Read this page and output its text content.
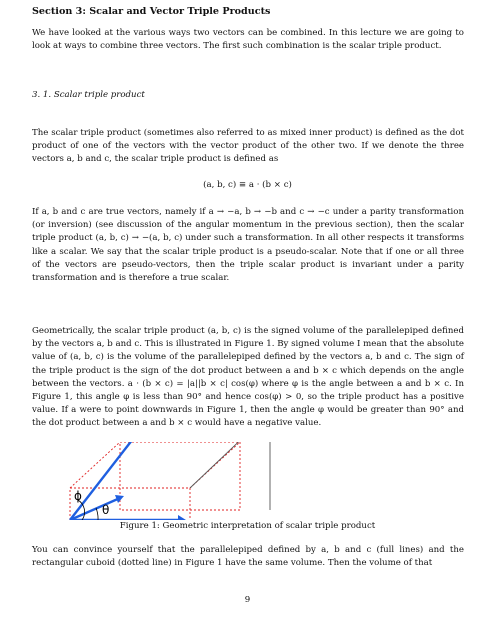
Section 3: Scalar and Vector Triple Products

We have looked at the various ways two vectors can be combined. In this lecture we are going to look at ways to combine three vectors. The first such combination is the scalar triple product.

3. 1. Scalar triple product

The scalar triple product (sometimes also referred to as mixed inner product) is defined as the dot product of one of the vectors with the vector product of the other two. If we denote the three vectors a, b and c, the scalar triple product is defined as

(a, b, c) ≡ a · (b × c)

If a, b and c are true vectors, namely if a → −a, b → −b and c → −c under a parity transformation (or inversion) (see discussion of the angular momentum in the previous section), then the scalar triple product (a, b, c) → −(a, b, c) under such a transformation. In all other respects it transforms like a scalar. We say that the scalar triple product is a pseudo-scalar. Note that if one or all three of the vectors are pseudo-vectors, then the triple scalar product is invariant under a parity transformation and is therefore a true scalar.

Geometrically, the scalar triple product (a, b, c) is the signed volume of the parallelepiped defined by the vectors a, b and c. This is illustrated in Figure 1. By signed volume I mean that the absolute value of (a, b, c) is the volume of the parallelepiped defined by the vectors a, b and c. The sign of the triple product is the sign of the dot product between a and b × c which depends on the angle between the vectors. a · (b × c) = |a||b × c| cos(φ) where φ is the angle between a and b × c. In Figure 1, this angle φ is less than 90° and hence cos(φ) > 0, so the triple product has a positive value. If a were to point downwards in Figure 1, then the angle φ would be greater than 90° and the dot product between a and b × c would have a negative value.

ϕ
θ

Figure 1: Geometric interpretation of scalar triple product

You can convince yourself that the parallelepiped defined by a, b and c (full lines) and the rectangular cuboid (dotted line) in Figure 1 have the same volume. Then the volume of that

9
